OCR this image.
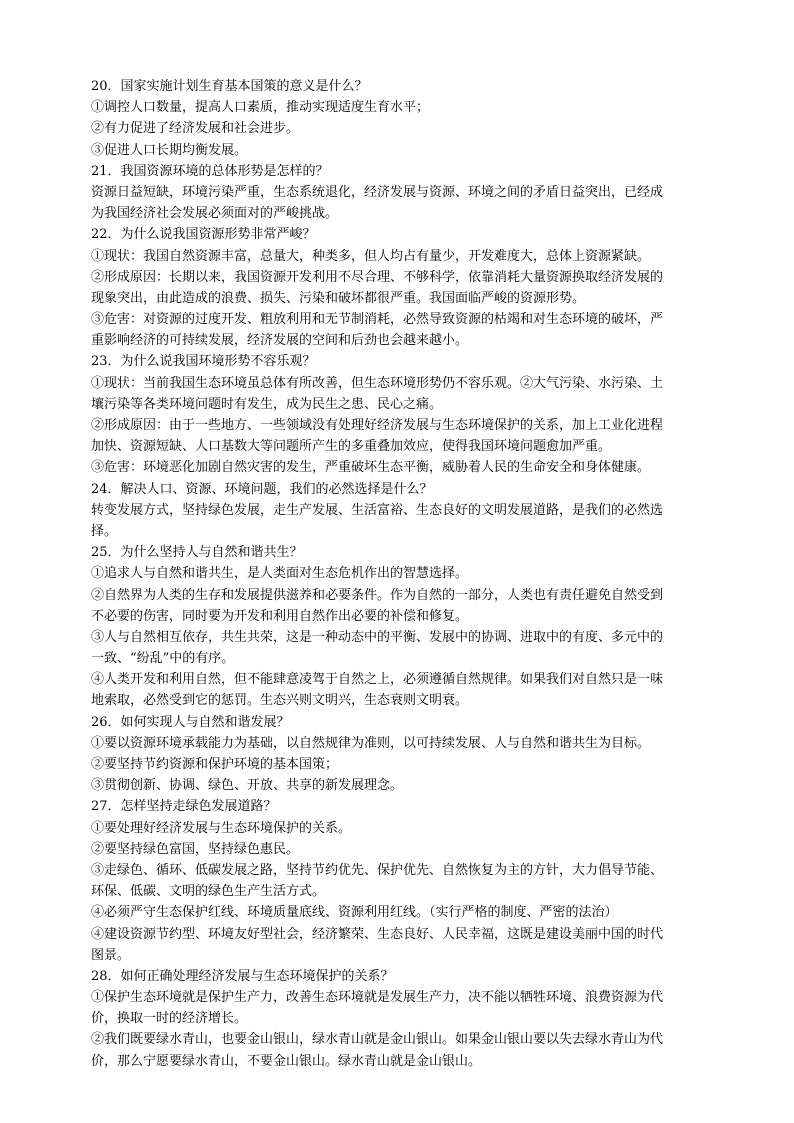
20．国家实施计划生育基本国策的意义是什么？
①调控人口数量，提高人口素质，推动实现适度生育水平；
②有力促进了经济发展和社会进步。
③促进人口长期均衡发展。
21．我国资源环境的总体形势是怎样的？
资源日益短缺，环境污染严重，生态系统退化，经济发展与资源、环境之间的矛盾日益突出，已经成
为我国经济社会发展必须面对的严峻挑战。
22．为什么说我国资源形势非常严峻？
①现状：我国自然资源丰富，总量大，种类多，但人均占有量少，开发难度大，总体上资源紧缺。
②形成原因：长期以来，我国资源开发利用不尽合理、不够科学，依靠消耗大量资源换取经济发展的
现象突出，由此造成的浪费、损失、污染和破坏都很严重。我国面临严峻的资源形势。
③危害：对资源的过度开发、粗放利用和无节制消耗，必然导致资源的枯竭和对生态环境的破坏，严
重影响经济的可持续发展，经济发展的空间和后劲也会越来越小。
23．为什么说我国环境形势不容乐观？
①现状：当前我国生态环境虽总体有所改善，但生态环境形势仍不容乐观。②大气污染、水污染、土
壤污染等各类环境问题时有发生，成为民生之患、民心之痛。
②形成原因：由于一些地方、一些领域没有处理好经济发展与生态环境保护的关系，加上工业化进程
加快、资源短缺、人口基数大等问题所产生的多重叠加效应，使得我国环境问题愈加严重。
③危害：环境恶化加剧自然灾害的发生，严重破坏生态平衡，威胁着人民的生命安全和身体健康。
24．解决人口、资源、环境问题，我们的必然选择是什么？
转变发展方式，坚持绿色发展，走生产发展、生活富裕、生态良好的文明发展道路，是我们的必然选
择。
25．为什么坚持人与自然和谐共生？
①追求人与自然和谐共生，是人类面对生态危机作出的智慧选择。
②自然界为人类的生存和发展提供滋养和必要条件。作为自然的一部分，人类也有责任避免自然受到
不必要的伤害，同时要为开发和利用自然作出必要的补偿和修复。
③人与自然相互依存，共生共荣，这是一种动态中的平衡、发展中的协调、进取中的有度、多元中的
一致、“纷乱”中的有序。
④人类开发和利用自然，但不能肆意凌驾于自然之上，必须遵循自然规律。如果我们对自然只是一味
地索取，必然受到它的惩罚。生态兴则文明兴，生态衰则文明衰。
26．如何实现人与自然和谐发展？
①要以资源环境承载能力为基础，以自然规律为准则，以可持续发展、人与自然和谐共生为目标。
②要坚持节约资源和保护环境的基本国策；
③贯彻创新、协调、绿色、开放、共享的新发展理念。
27．怎样坚持走绿色发展道路？
①要处理好经济发展与生态环境保护的关系。
②要坚持绿色富国，坚持绿色惠民。
③走绿色、循环、低碳发展之路，坚持节约优先、保护优先、自然恢复为主的方针，大力倡导节能、
环保、低碳、文明的绿色生产生活方式。
④必须严守生态保护红线、环境质量底线、资源利用红线。（实行严格的制度、严密的法治）
④建设资源节约型、环境友好型社会，经济繁荣、生态良好、人民幸福，这既是建设美丽中国的时代
图景。
28．如何正确处理经济发展与生态环境保护的关系？
①保护生态环境就是保护生产力，改善生态环境就是发展生产力，决不能以牺牲环境、浪费资源为代
价，换取一时的经济增长。
②我们既要绿水青山，也要金山银山，绿水青山就是金山银山。如果金山银山要以失去绿水青山为代
价，那么宁愿要绿水青山，不要金山银山。绿水青山就是金山银山。
